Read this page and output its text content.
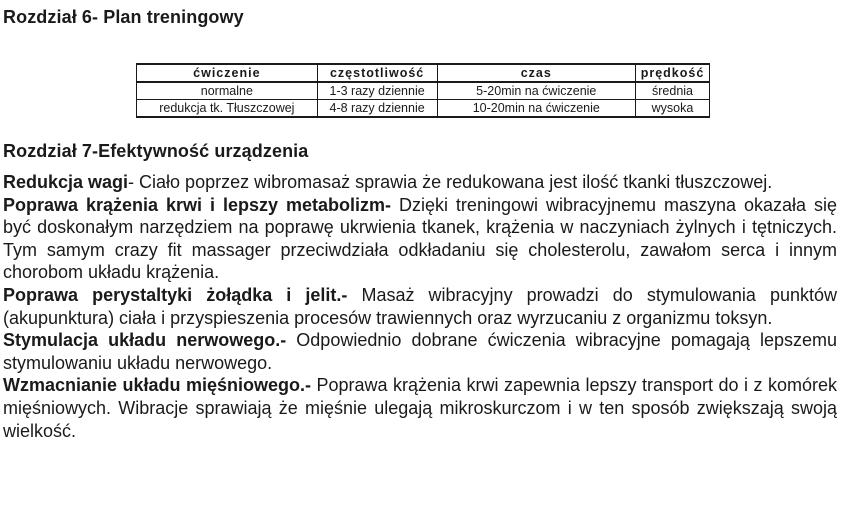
Rozdział 6- Plan treningowy
ćwiczenie	częstotliwość	czas	prędkość
normalne	1-3 razy dziennie	5-20min na ćwiczenie	średnia
redukcja tk. Tłuszczowej	4-8 razy dziennie	10-20min na ćwiczenie	wysoka
Rozdział 7-Efektywność urządzenia

Redukcja wagi- Ciało poprzez wibromasaż sprawia że redukowana jest ilość tkanki tłuszczowej.

Poprawa krążenia krwi i lepszy metabolizm- Dzięki treningowi wibracyjnemu maszyna okazała się być doskonałym narzędziem na poprawę ukrwienia tkanek, krążenia w naczyniach żylnych i tętniczych. Tym samym crazy fit massager przeciwdziała odkładaniu się cholesterolu, zawałom serca i innym chorobom układu krążenia.

Poprawa perystaltyki żołądka i jelit.- Masaż wibracyjny prowadzi do stymulowania punktów (akupunktura) ciała i przyspieszenia procesów trawiennych oraz wyrzucaniu z organizmu toksyn.

Stymulacja układu nerwowego.- Odpowiednio dobrane ćwiczenia wibracyjne pomagają lepszemu stymulowaniu układu nerwowego.

Wzmacnianie układu mięśniowego.- Poprawa krążenia krwi zapewnia lepszy transport do i z komórek mięśniowych. Wibracje sprawiają że mięśnie ulegają mikroskurczom i w ten sposób zwiększają swoją wielkość.
